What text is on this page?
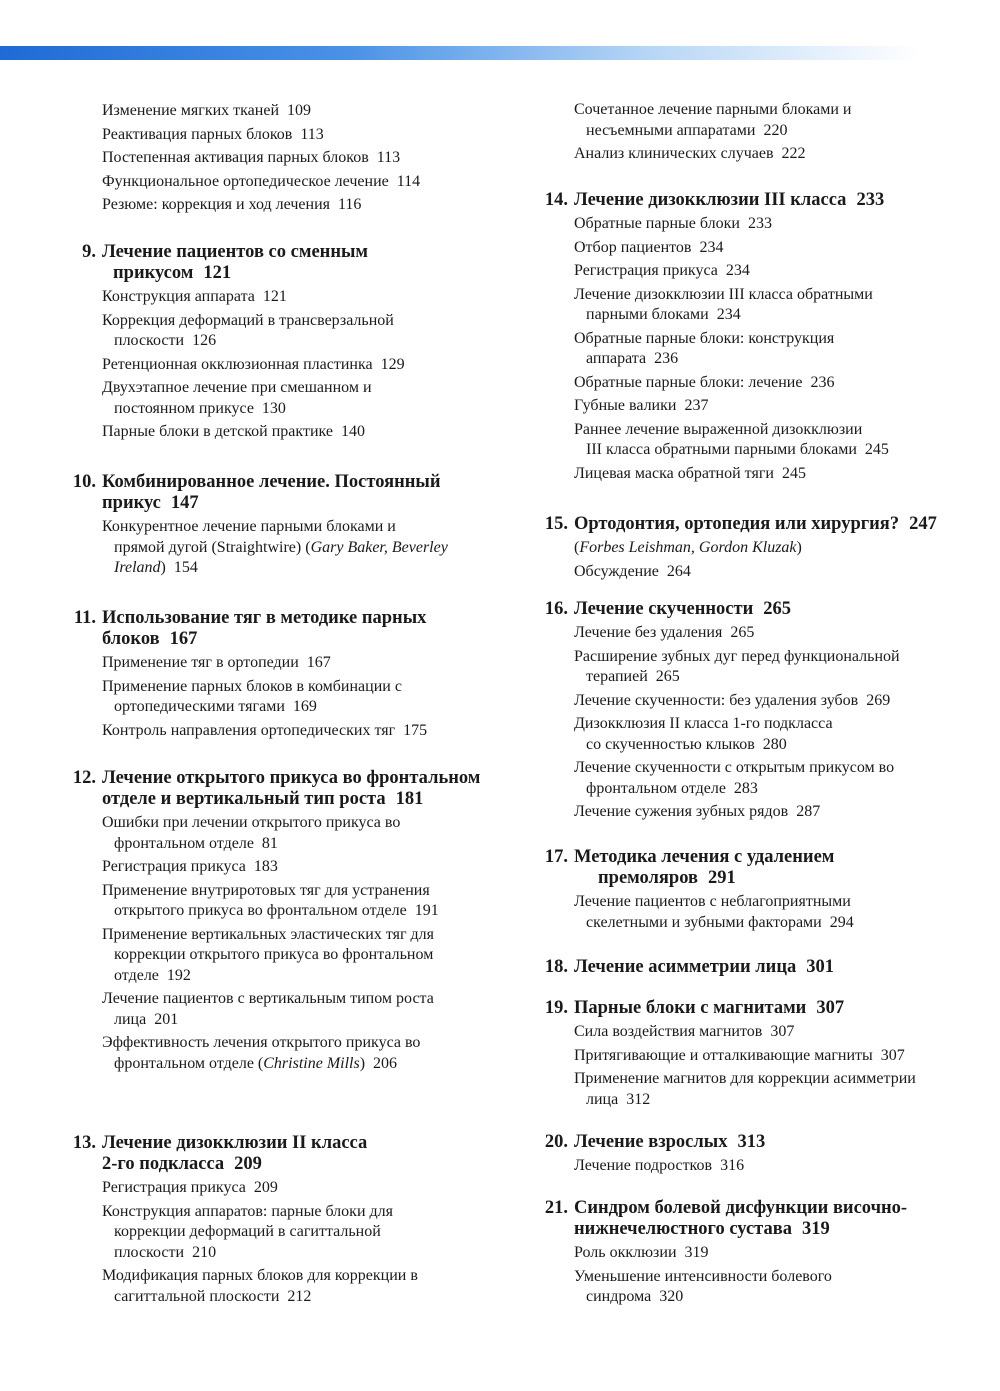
Изменение мягких тканей 109
Реактивация парных блоков 113
Постепенная активация парных блоков 113
Функциональное ортопедическое лечение 114
Резюме: коррекция и ход лечения 116
9. Лечение пациентов со сменным
прикусом 121
Конструкция аппарата 121
Коррекция деформаций в трансверзальной
плоскости 126
Ретенционная окклюзионная пластинка 129
Двухэтапное лечение при смешанном и
постоянном прикусе 130
Парные блоки в детской практике 140
10. Комбинированное лечение. Постоянный
прикус 147
Конкурентное лечение парными блоками и
прямой дугой (Straightwire) (Gary Baker, Beverley
Ireland) 154
11. Использование тяг в методике парных
блоков 167
Применение тяг в ортопедии 167
Применение парных блоков в комбинации с
ортопедическими тягами 169
Контроль направления ортопедических тяг 175
12. Лечение открытого прикуса во фронтальном
отделе и вертикальный тип роста 181
Ошибки при лечении открытого прикуса во
фронтальном отделе 81
Регистрация прикуса 183
Применение внутриротовых тяг для устранения
открытого прикуса во фронтальном отделе 191
Применение вертикальных эластических тяг для
коррекции открытого прикуса во фронтальном
отделе 192
Лечение пациентов с вертикальным типом роста
лица 201
Эффективность лечения открытого прикуса во
фронтальном отделе (Christine Mills) 206
13. Лечение дизокклюзии II класса
2-го подкласса 209
Регистрация прикуса 209
Конструкция аппаратов: парные блоки для
коррекции деформаций в сагиттальной
плоскости 210
Модификация парных блоков для коррекции в
сагиттальной плоскости 212
Сочетанное лечение парными блоками и
несъемными аппаратами 220
Анализ клинических случаев 222
14. Лечение дизокклюзии III класса 233
Обратные парные блоки 233
Отбор пациентов 234
Регистрация прикуса 234
Лечение дизокклюзии III класса обратными
парными блоками 234
Обратные парные блоки: конструкция
аппарата 236
Обратные парные блоки: лечение 236
Губные валики 237
Раннее лечение выраженной дизокклюзии
III класса обратными парными блоками 245
Лицевая маска обратной тяги 245
15. Ортодонтия, ортопедия или хирургия? 247
(Forbes Leishman, Gordon Kluzak)
Обсуждение 264
16. Лечение скученности 265
Лечение без удаления 265
Расширение зубных дуг перед функциональной
терапией 265
Лечение скученности: без удаления зубов 269
Дизокклюзия II класса 1-го подкласса
со скученностью клыков 280
Лечение скученности с открытым прикусом во
фронтальном отделе 283
Лечение сужения зубных рядов 287
17. Методика лечения с удалением
премоляров 291
Лечение пациентов с неблагоприятными
скелетными и зубными факторами 294
18. Лечение асимметрии лица 301
19. Парные блоки с магнитами 307
Сила воздействия магнитов 307
Притягивающие и отталкивающие магниты 307
Применение магнитов для коррекции асимметрии
лица 312
20. Лечение взрослых 313
Лечение подростков 316
21. Синдром болевой дисфункции височно-
нижнечелюстного сустава 319
Роль окклюзии 319
Уменьшение интенсивности болевого
синдрома 320
